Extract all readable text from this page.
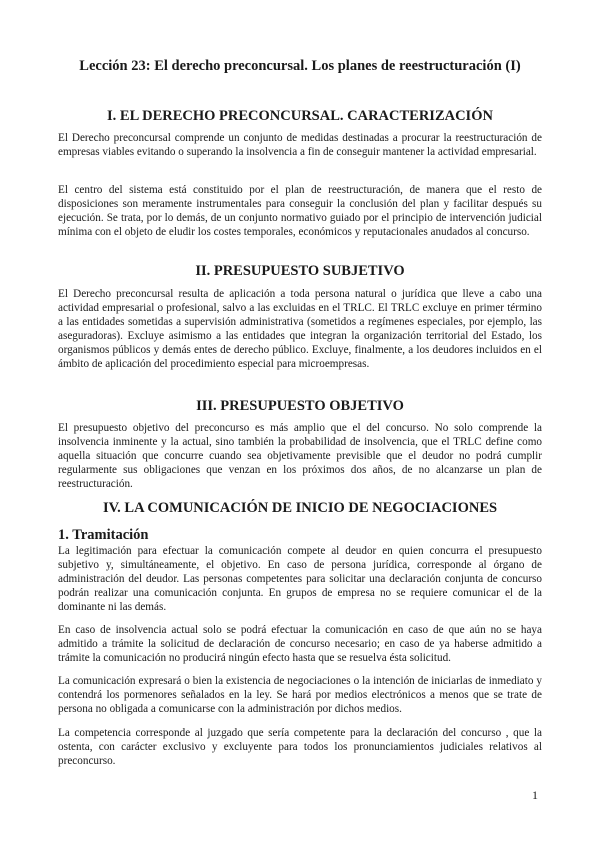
Lección 23: El derecho preconcursal. Los planes de reestructuración (I)
I. EL DERECHO PRECONCURSAL. CARACTERIZACIÓN

El Derecho preconcursal comprende un conjunto de medidas destinadas a procurar la reestructuración de empresas viables evitando o superando la insolvencia a fin de conseguir mantener la actividad empresarial.

El centro del sistema está constituido por el plan de reestructuración, de manera que el resto de disposiciones son meramente instrumentales para conseguir la conclusión del plan y facilitar después su ejecución. Se trata, por lo demás, de un conjunto normativo guiado por el principio de intervención judicial mínima con el objeto de eludir los costes temporales, económicos y reputacionales anudados al concurso.

II. PRESUPUESTO SUBJETIVO

El Derecho preconcursal resulta de aplicación a toda persona natural o jurídica que lleve a cabo una actividad empresarial o profesional, salvo a las excluidas en el TRLC. El TRLC excluye en primer término a las entidades sometidas a supervisión administrativa (sometidos a regímenes especiales, por ejemplo, las aseguradoras). Excluye asimismo a las entidades que integran la organización territorial del Estado, los organismos públicos y demás entes de derecho público. Excluye, finalmente, a los deudores incluidos en el ámbito de aplicación del procedimiento especial para microempresas.

III. PRESUPUESTO OBJETIVO

El presupuesto objetivo del preconcurso es más amplio que el del concurso. No solo comprende la insolvencia inminente y la actual, sino también la probabilidad de insolvencia, que el TRLC define como aquella situación que concurre cuando sea objetivamente previsible que el deudor no podrá cumplir regularmente sus obligaciones que venzan en los próximos dos años, de no alcanzarse un plan de reestructuración.

IV. LA COMUNICACIÓN DE INICIO DE NEGOCIACIONES
1. Tramitación

La legitimación para efectuar la comunicación compete al deudor en quien concurra el presupuesto subjetivo y, simultáneamente, el objetivo. En caso de persona jurídica, corresponde al órgano de administración del deudor. Las personas competentes para solicitar una declaración conjunta de concurso podrán realizar una comunicación conjunta. En grupos de empresa no se requiere comunicar el de la dominante ni las demás.

En caso de insolvencia actual solo se podrá efectuar la comunicación en caso de que aún no se haya admitido a trámite la solicitud de declaración de concurso necesario; en caso de ya haberse admitido a trámite la comunicación no producirá ningún efecto hasta que se resuelva ésta solicitud.

La comunicación expresará o bien la existencia de negociaciones o la intención de iniciarlas de inmediato y contendrá los pormenores señalados en la ley. Se hará por medios electrónicos a menos que se trate de persona no obligada a comunicarse con la administración por dichos medios.

La competencia corresponde al juzgado que sería competente para la declaración del concurso , que la ostenta, con carácter exclusivo y excluyente para todos los pronunciamientos judiciales relativos al preconcurso.

1
